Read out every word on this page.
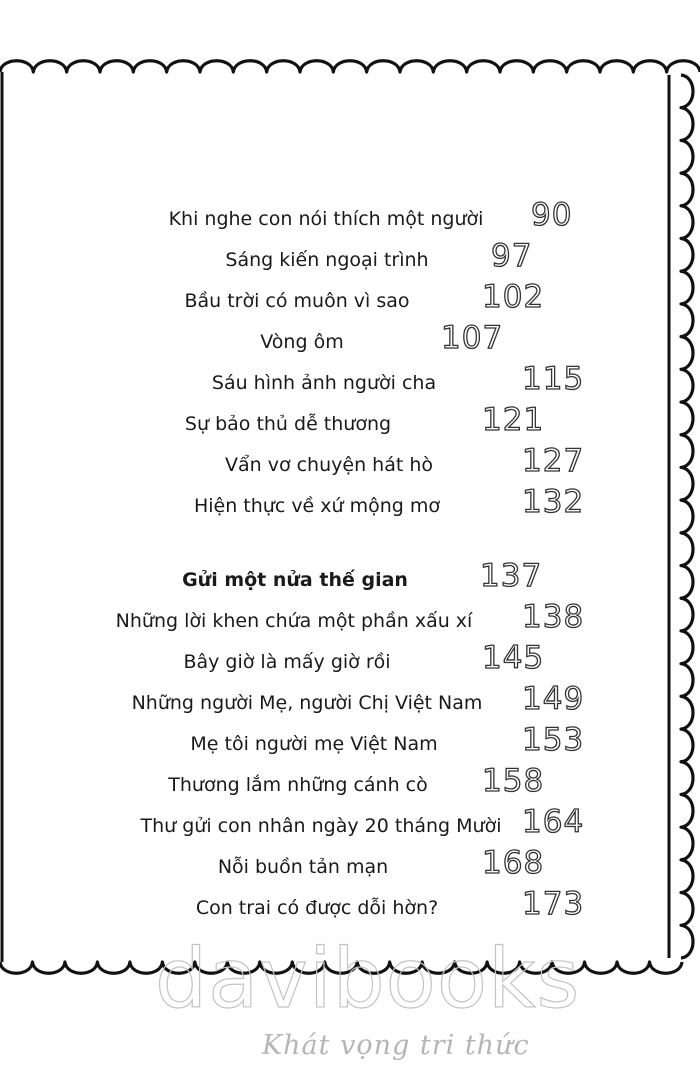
Khi nghe con nói thích một người 90
Sáng kiến ngoại trình 97
Bầu trời có muôn vì sao 102
Vòng ôm	107
Sáu hình ảnh người cha	115
Sự bảo thủ dễ thương	121
Vẩn vơ chuyện hát hò	127
Hiện thực về xứ mộng mơ	132
Gửi một nửa thế gian 137
Những lời khen chứa một phần xấu xí 138
Bây giờ là mấy giờ rồi	145
Những người Mẹ, người Chị Việt Nam 149
Mẹ tôi người mẹ Việt Nam	153
Thương lắm những cánh cò 158
Thư gửi con nhân ngày 20 tháng Mười 164
Nỗi buồn tản mạn	168
Con trai có được dỗi hờn?	173
davibooks
Khát vọng tri thức
